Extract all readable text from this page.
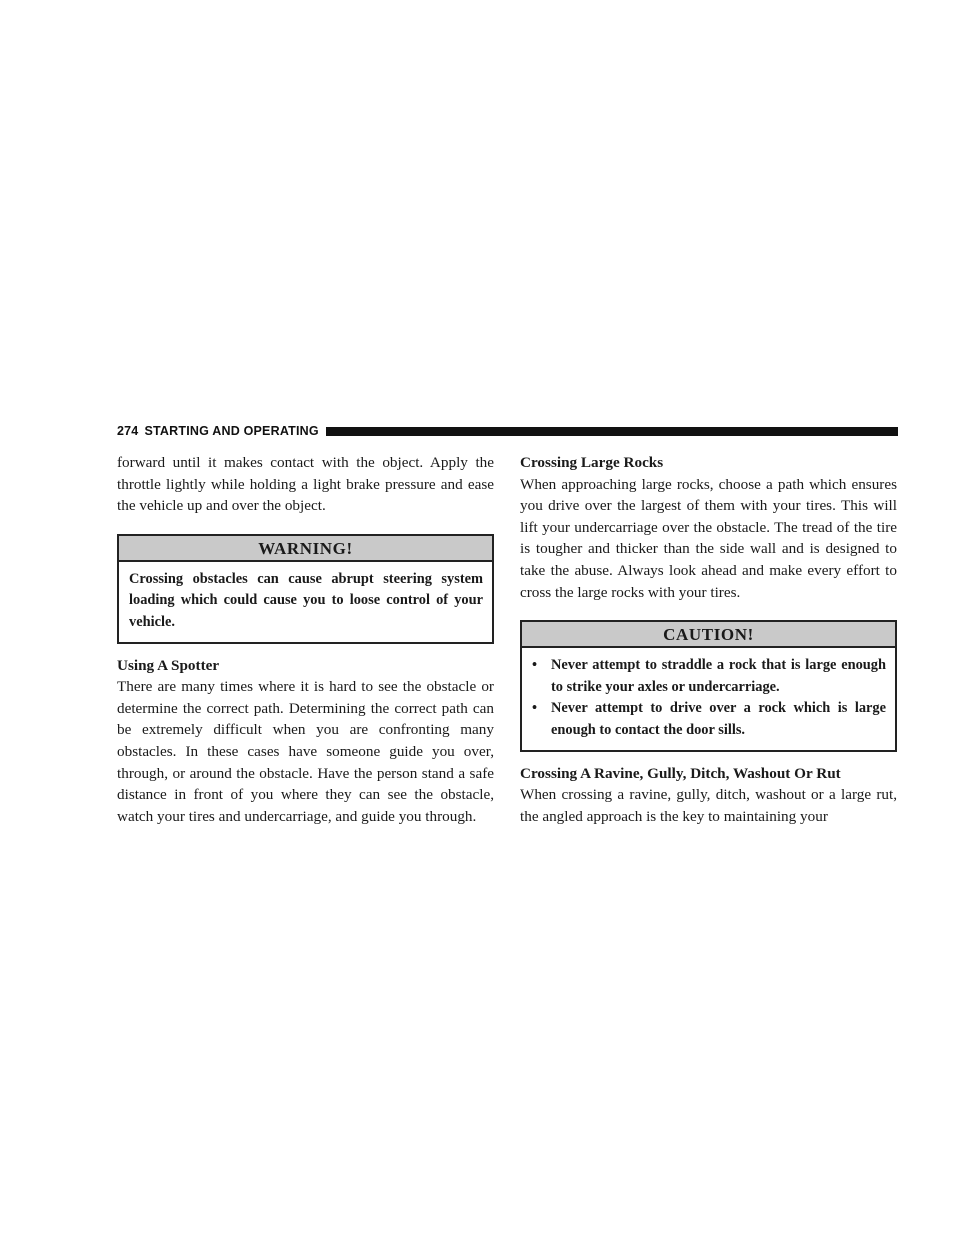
274 STARTING AND OPERATING

forward until it makes contact with the object. Apply the throttle lightly while holding a light brake pressure and ease the vehicle up and over the object.

WARNING!
Crossing obstacles can cause abrupt steering system loading which could cause you to loose control of your vehicle.
Using A Spotter

There are many times where it is hard to see the obstacle or determine the correct path. Determining the correct path can be extremely difficult when you are confronting many obstacles. In these cases have someone guide you over, through, or around the obstacle. Have the person stand a safe distance in front of you where they can see the obstacle, watch your tires and undercarriage, and guide you through.

Crossing Large Rocks

When approaching large rocks, choose a path which ensures you drive over the largest of them with your tires. This will lift your undercarriage over the obstacle. The tread of the tire is tougher and thicker than the side wall and is designed to take the abuse. Always look ahead and make every effort to cross the large rocks with your tires.

CAUTION!
• Never attempt to straddle a rock that is large enough to strike your axles or undercarriage.
• Never attempt to drive over a rock which is large enough to contact the door sills.
Crossing A Ravine, Gully, Ditch, Washout Or Rut

When crossing a ravine, gully, ditch, washout or a large rut, the angled approach is the key to maintaining your
